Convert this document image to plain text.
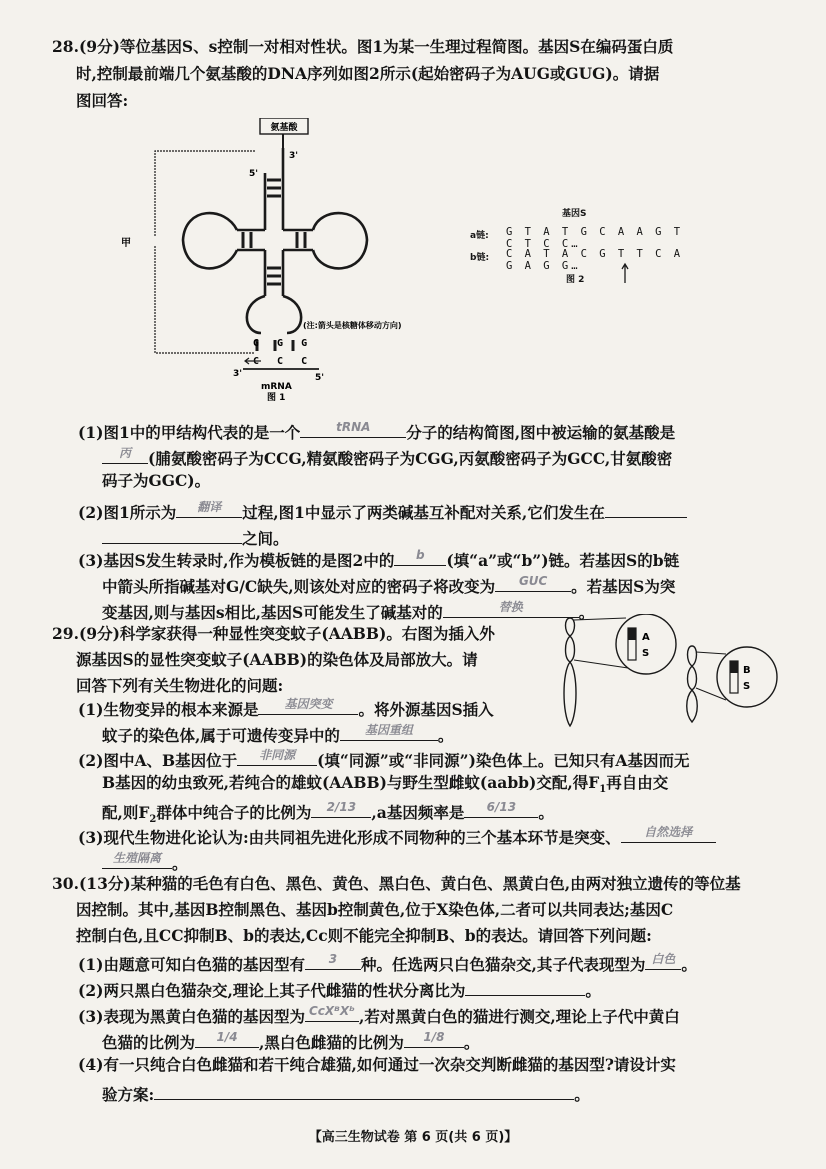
28.(9分)等位基因S、s控制一对相对性状。图1为某一生理过程简图。基因S在编码蛋白质
时,控制最前端几个氨基酸的DNA序列如图2所示(起始密码子为AUG或GUG)。请据
图回答:
氨基酸
3'
5'
甲
(注:箭头是核糖体移动方向)
G G G
C C C
3'	5'
mRNA
图 1
基因S
a链: G T A T G C A A G T C T C C…
b链: C A T A C G T T C A G A G G…
图 2
(1)图1中的甲结构代表的是一个	tRNA 分子的结构简图,图中被运输的氨基酸是
丙 (脯氨酸密码子为CCG,精氨酸密码子为CGG,丙氨酸密码子为GCC,甘氨酸密
码子为GGC)。
(2)图1所示为 翻译 过程,图1中显示了两类碱基互补配对关系,它们发生在
之间。
(3)基因S发生转录时,作为模板链的是图2中的 b (填“a”或“b”)链。若基因S的b链
中箭头所指碱基对G/C缺失,则该处对应的密码子将改变为 GUC 。若基因S为突
变基因,则与基因s相比,基因S可能发生了碱基对的	替换	。
29.(9分)科学家获得一种显性突变蚊子(AABB)。右图为插入外
源基因S的显性突变蚊子(AABB)的染色体及局部放大。请
回答下列有关生物进化的问题:
A
S
B
S
(1)生物变异的根本来源是 基因突变 。将外源基因S插入
蚊子的染色体,属于可遗传变异中的 基因重组 。
(2)图中A、B基因位于 非同源 (填“同源”或“非同源”)染色体上。已知只有A基因而无
B基因的幼虫致死,若纯合的雄蚊(AABB)与野生型雌蚊(aabb)交配,得$F_1$再自由交
配,则$F_2$群体中纯合子的比例为 2/13 ,a基因频率是 6/13 。
(3)现代生物进化论认为:由共同祖先进化形成不同物种的三个基本环节是突变、 自然选择
生殖隔离 。
30.(13分)某种猫的毛色有白色、黑色、黄色、黑白色、黄白色、黑黄白色,由两对独立遗传的等位基
因控制。其中,基因B控制黑色、基因b控制黄色,位于X染色体,二者可以共同表达;基因C
控制白色,且CC抑制B、b的表达,Cc则不能完全抑制B、b的表达。请回答下列问题:
(1)由题意可知白色猫的基因型有 3 种。任选两只白色猫杂交,其子代表现型为 白色 。
(2)两只黑白色猫杂交,理论上其子代雌猫的性状分离比为	。
(3)表现为黑黄白色猫的基因型为 CcXᴮXᵇ ,若对黑黄白色的猫进行测交,理论上子代中黄白
色猫的比例为 1/4 ,黑白色雌猫的比例为 1/8 。
(4)有一只纯合白色雌猫和若干纯合雄猫,如何通过一次杂交判断雌猫的基因型?请设计实
验方案:	。
【高三生物试卷 第 6 页(共 6 页)】
